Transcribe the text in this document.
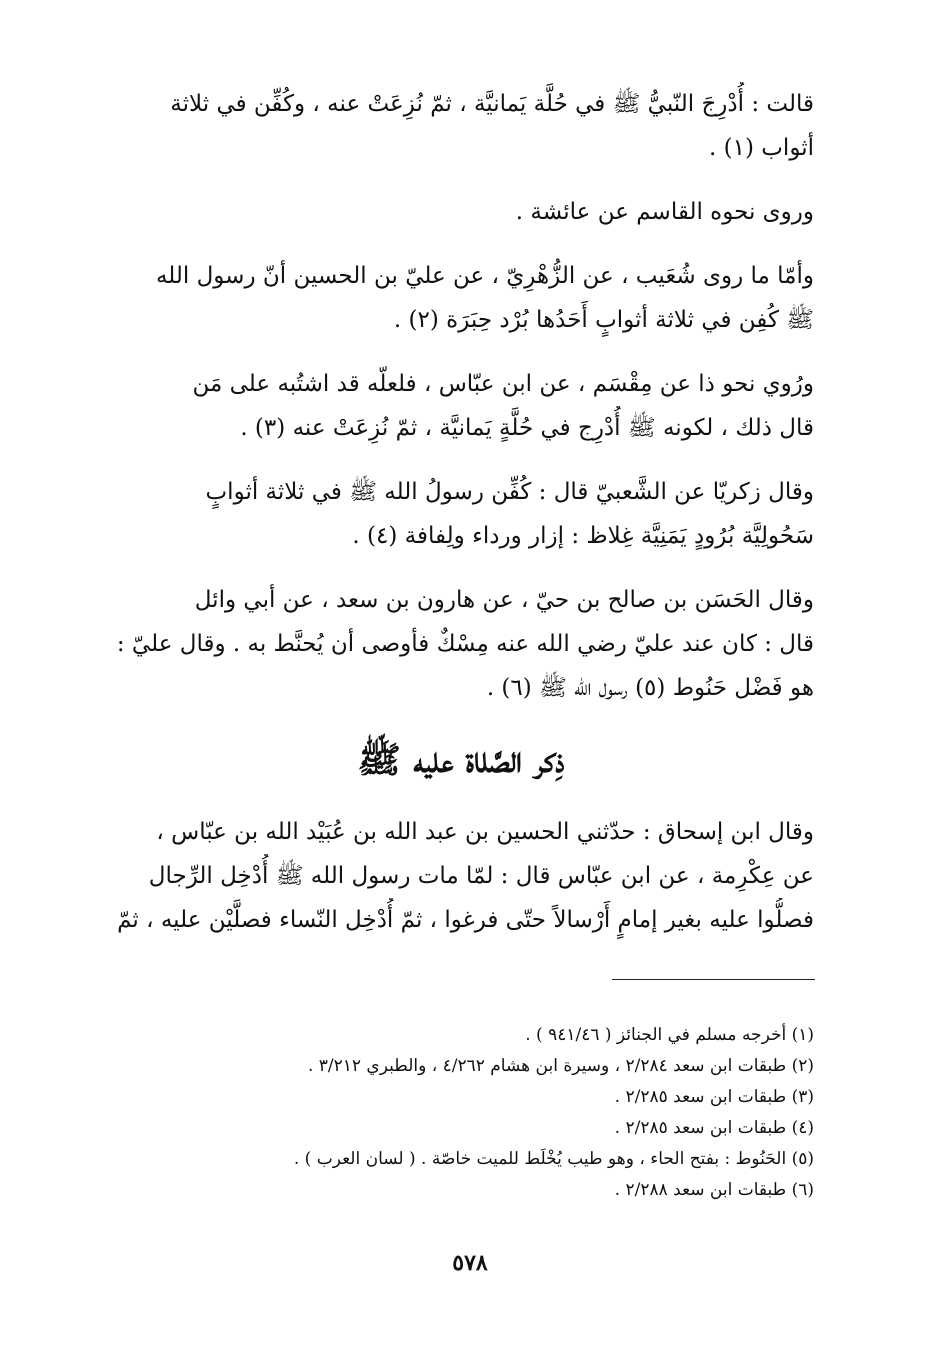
قالت : أُدْرِجَ النّبيُّ ﷺ في حُلَّة يَمانيَّة ، ثمّ نُزِعَتْ عنه ، وكُفِّن في ثلاثة
أثواب (١) .

وروى نحوه القاسم عن عائشة .

وأمّا ما روى شُعَيب ، عن الزُّهْرِيّ ، عن عليّ بن الحسين أنّ رسول الله
ﷺ كُفِن في ثلاثة أثوابٍ أَحَدُها بُرْد حِبَرَة (٢) .

ورُوي نحو ذا عن مِقْسَم ، عن ابن عبّاس ، فلعلّه قد اشتُبه على مَن
قال ذلك ، لكونه ﷺ أُدْرِج في حُلَّةٍ يَمانيَّة ، ثمّ نُزِعَتْ عنه (٣) .

وقال زكريّا عن الشَّعبيّ قال : كُفِّن رسولُ الله ﷺ في ثلاثة أثوابٍ
سَحُولِيَّة بُرُودٍ يَمَنِيَّة غِلاظ : إزار ورداء ولِفافة (٤) .

وقال الحَسَن بن صالح بن حيّ ، عن هارون بن سعد ، عن أبي وائل
قال : كان عند عليّ رضي الله عنه مِسْكٌ فأوصى أن يُحنَّط به . وقال عليّ :
هو فَضْل حَنُوط (٥) رسول الله ﷺ (٦) .

ذِكر الصَّلاة عليه ﷺ

وقال ابن إسحاق : حدّثني الحسين بن عبد الله بن عُبَيْد الله بن عبّاس ،
عن عِكْرِمة ، عن ابن عبّاس قال : لمّا مات رسول الله ﷺ أُدْخِل الرِّجال
فصلُّوا عليه بغير إمامٍ أَرْسالاً حتّى فرغوا ، ثمّ أُدْخِل النّساء فصلَّيْن عليه ، ثمّ

(١) أخرجه مسلم في الجنائز ( ٩٤١/٤٦ ) .
(٢) طبقات ابن سعد ٢/٢٨٤ ، وسيرة ابن هشام ٤/٢٦٢ ، والطبري ٣/٢١٢ .
(٣) طبقات ابن سعد ٢/٢٨٥ .
(٤) طبقات ابن سعد ٢/٢٨٥ .
(٥) الحَنُوط : بفتح الحاء ، وهو طيب يُخْلَط للميت خاصّة . ( لسان العرب ) .
(٦) طبقات ابن سعد ٢/٢٨٨ .
٥٧٨
